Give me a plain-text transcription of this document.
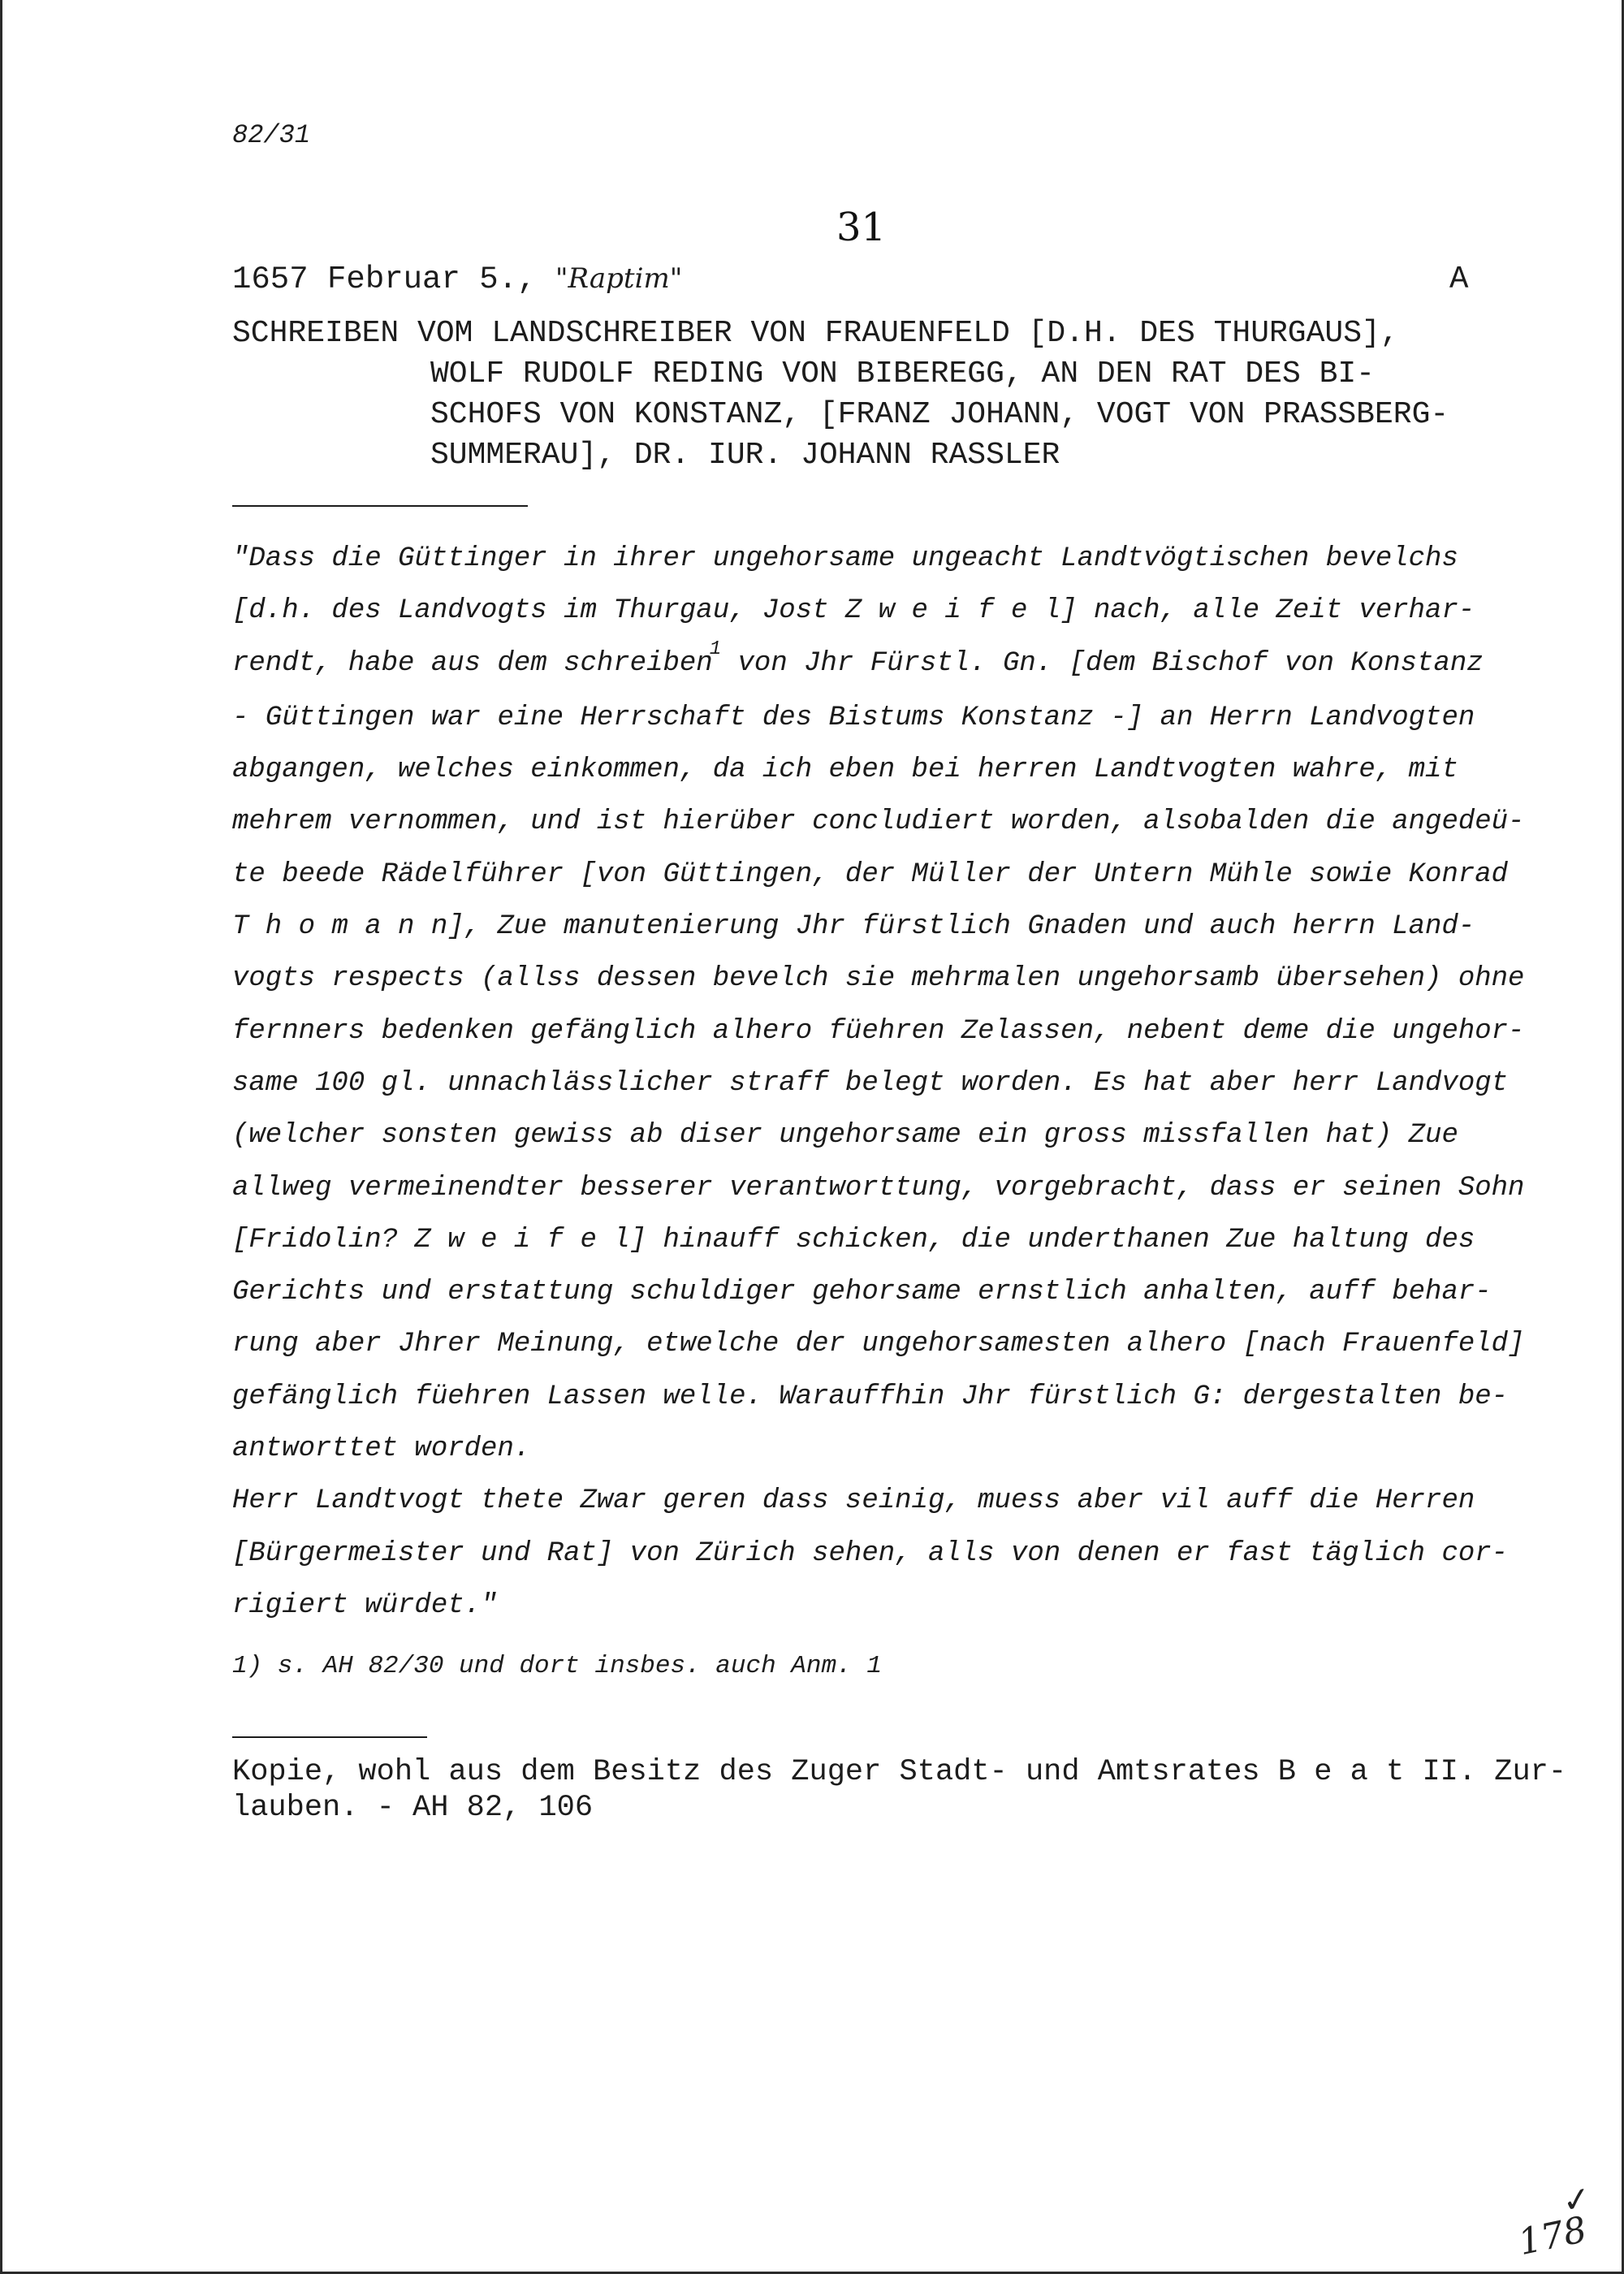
82/31
31
1657 Februar 5., "Raptim"	A
SCHREIBEN VOM LANDSCHREIBER VON FRAUENFELD [D.H. DES THURGAUS],
WOLF RUDOLF REDING VON BIBEREGG, AN DEN RAT DES BI-
SCHOFS VON KONSTANZ, [FRANZ JOHANN, VOGT VON PRASSBERG-
SUMMERAU], DR. IUR. JOHANN RASSLER
"Dass die Güttinger in ihrer ungehorsame ungeacht Landtvögtischen bevelchs
[d.h. des Landvogts im Thurgau, Jost Z w e i f e l] nach, alle Zeit verhar-
rendt, habe aus dem schreiben$^1$ von Jhr Fürstl. Gn. [dem Bischof von Konstanz
- Güttingen war eine Herrschaft des Bistums Konstanz -] an Herrn Landvogten
abgangen, welches einkommen, da ich eben bei herren Landtvogten wahre, mit
mehrem vernommen, und ist hierüber concludiert worden, alsobalden die angedeü-
te beede Rädelführer [von Güttingen, der Müller der Untern Mühle sowie Konrad
T h o m a n n], Zue manutenierung Jhr fürstlich Gnaden und auch herrn Land-
vogts respects (allss dessen bevelch sie mehrmalen ungehorsamb übersehen) ohne
fernners bedenken gefänglich alhero füehren Zelassen, nebent deme die ungehor-
same 100 gl. unnachlässlicher straff belegt worden. Es hat aber herr Landvogt
(welcher sonsten gewiss ab diser ungehorsame ein gross missfallen hat) Zue
allweg vermeinendter besserer verantworttung, vorgebracht, dass er seinen Sohn
[Fridolin? Z w e i f e l] hinauff schicken, die underthanen Zue haltung des
Gerichts und erstattung schuldiger gehorsame ernstlich anhalten, auff behar-
rung aber Jhrer Meinung, etwelche der ungehorsamesten alhero [nach Frauenfeld]
gefänglich füehren Lassen welle. Warauffhin Jhr fürstlich G: dergestalten be-
antworttet worden.
Herr Landtvogt thete Zwar geren dass seinig, muess aber vil auff die Herren
[Bürgermeister und Rat] von Zürich sehen, alls von denen er fast täglich cor-
rigiert würdet."
1) s. AH 82/30 und dort insbes. auch Anm. 1
Kopie, wohl aus dem Besitz des Zuger Stadt- und Amtsrates B e a t II. Zur-
lauben. - AH 82, 106
✓
178
